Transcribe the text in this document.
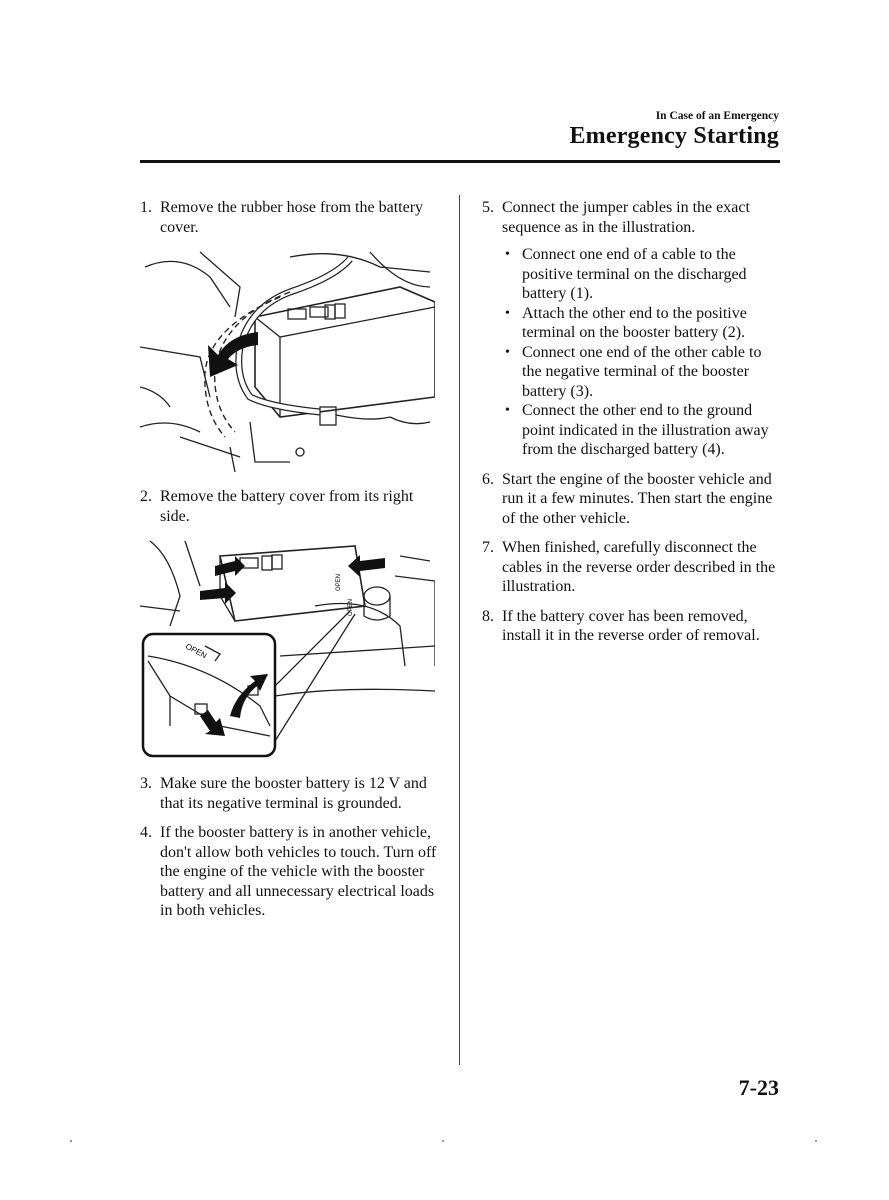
In Case of an Emergency
Emergency Starting
1. Remove the rubber hose from the battery cover.
2. Remove the battery cover from its right side.
OPEN
OPEN
OPEN
3. Make sure the booster battery is 12 V and that its negative terminal is grounded.
4. If the booster battery is in another vehicle, don't allow both vehicles to touch. Turn off the engine of the vehicle with the booster battery and all unnecessary electrical loads in both vehicles.
5. Connect the jumper cables in the exact sequence as in the illustration.
• Connect one end of a cable to the positive terminal on the discharged battery (1).
• Attach the other end to the positive terminal on the booster battery (2).
• Connect one end of the other cable to the negative terminal of the booster battery (3).
• Connect the other end to the ground point indicated in the illustration away from the discharged battery (4).
6. Start the engine of the booster vehicle and run it a few minutes. Then start the engine of the other vehicle.
7. When finished, carefully disconnect the cables in the reverse order described in the illustration.
8. If the battery cover has been removed, install it in the reverse order of removal.
7-23
